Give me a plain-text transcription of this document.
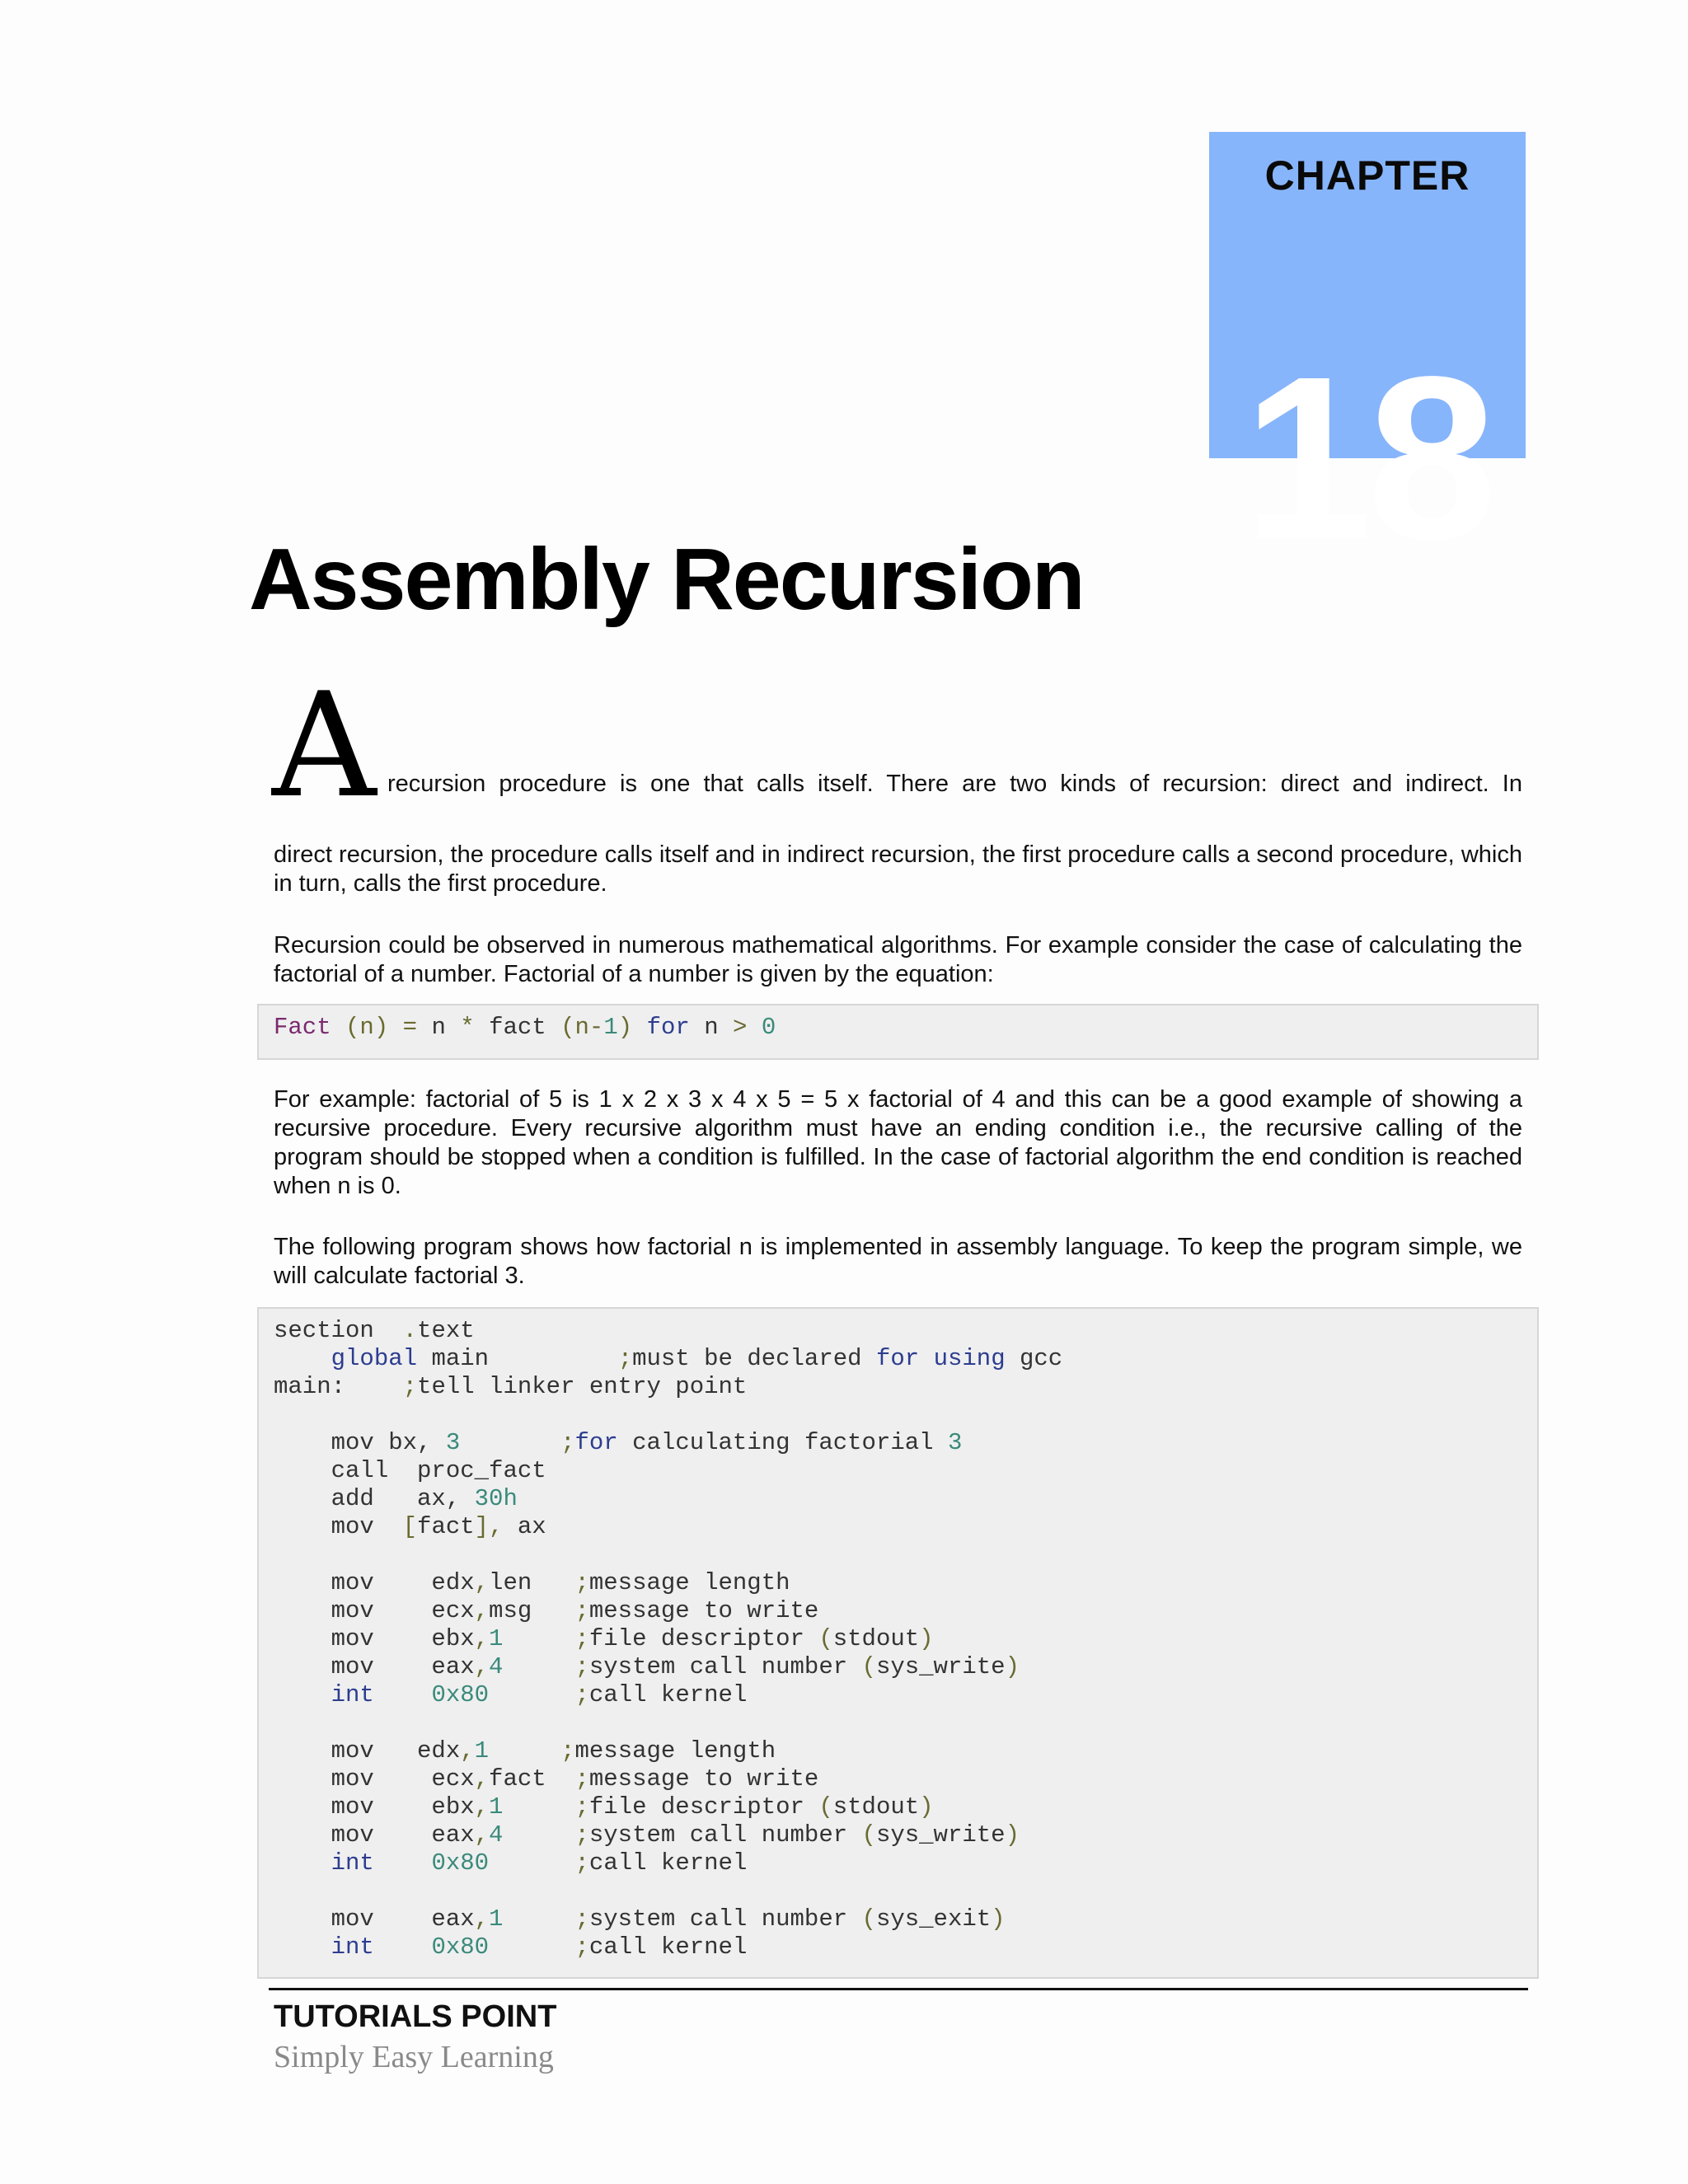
CHAPTER
18
Assembly Recursion
A recursion procedure is one that calls itself. There are two kinds of recursion: direct and indirect. In
direct recursion, the procedure calls itself and in indirect recursion, the first procedure calls a second procedure, which in turn, calls the first procedure.
Recursion could be observed in numerous mathematical algorithms. For example consider the case of calculating the factorial of a number. Factorial of a number is given by the equation:
Fact (n) = n * fact (n-1) for n > 0
For example: factorial of 5 is 1 x 2 x 3 x 4 x 5 = 5 x factorial of 4 and this can be a good example of showing a recursive procedure. Every recursive algorithm must have an ending condition i.e., the recursive calling of the program should be stopped when a condition is fulfilled. In the case of factorial algorithm the end condition is reached when n is 0.
The following program shows how factorial n is implemented in assembly language. To keep the program simple, we will calculate factorial 3.
section  .text
global main         ;must be declared for using gcc
main:    ;tell linker entry point

mov bx, 3	;for calculating factorial 3
call  proc_fact
add   ax, 30h
mov  [fact], ax

mov    edx,len   ;message length
mov    ecx,msg   ;message to write
mov    ebx,1	;file descriptor (stdout)
mov    eax,4	;system call number (sys_write)
int 0x80	;call kernel

mov   edx,1	;message length
mov    ecx,fact  ;message to write
mov    ebx,1	;file descriptor (stdout)
mov    eax,4	;system call number (sys_write)
int 0x80	;call kernel

mov    eax,1	;system call number (sys_exit)
int 0x80	;call kernel
TUTORIALS POINT
Simply Easy Learning
